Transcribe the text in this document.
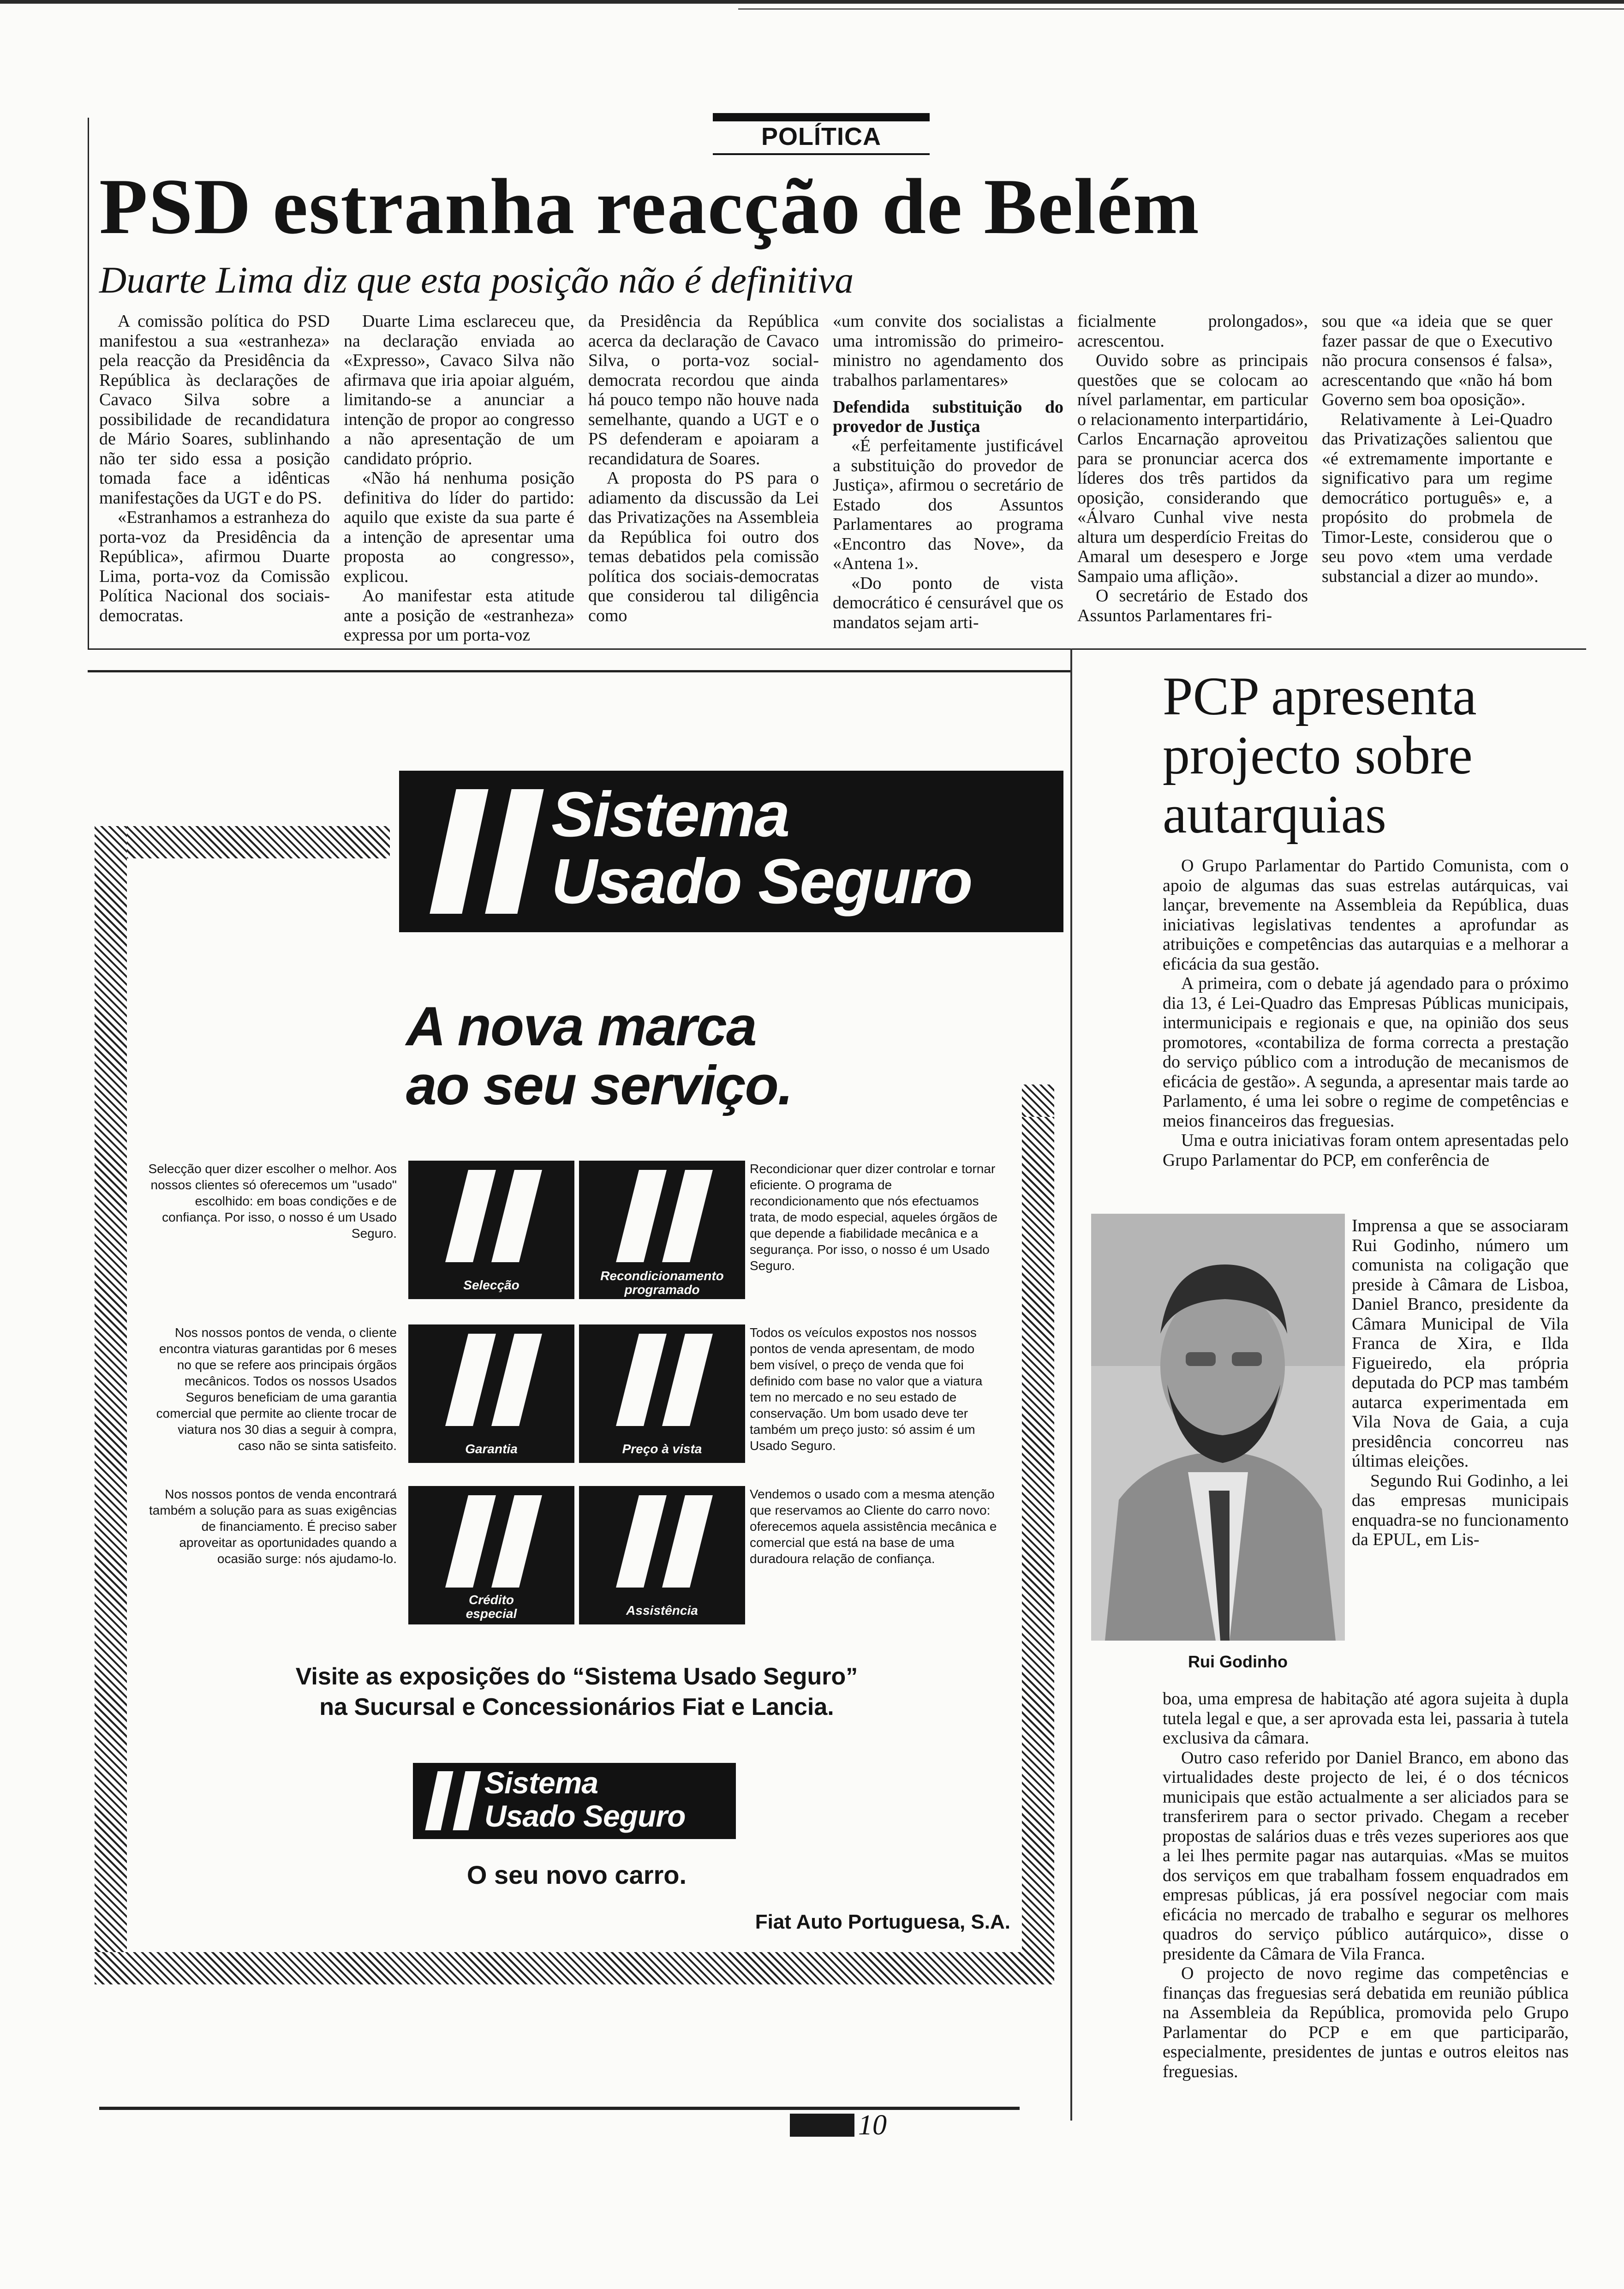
POLÍTICA
PSD estranha reacção de Belém
Duarte Lima diz que esta posição não é definitiva

A comissão política do PSD manifestou a sua «estranheza» pela reacção da Presidência da República às declarações de Cavaco Silva sobre a possibilidade de recandidatura de Mário Soares, sublinhando não ter sido essa a posição tomada face a idênticas manifestações da UGT e do PS.

«Estranhamos a estranheza do porta-voz da Presidência da República», afirmou Duarte Lima, porta-voz da Comissão Política Nacional dos sociais-democratas.

Duarte Lima esclareceu que, na declaração enviada ao «Expresso», Cavaco Silva não afirmava que iria apoiar alguém, limitando-se a anunciar a intenção de propor ao congresso a não apresentação de um candidato próprio.

«Não há nenhuma posição definitiva do líder do partido: aquilo que existe da sua parte é a intenção de apresentar uma proposta ao congresso», explicou.

Ao manifestar esta atitude ante a posição de «estranheza» expressa por um porta-voz

da Presidência da República acerca da declaração de Cavaco Silva, o porta-voz social-democrata recordou que ainda há pouco tempo não houve nada semelhante, quando a UGT e o PS defenderam e apoiaram a recandidatura de Soares.

A proposta do PS para o adiamento da discussão da Lei das Privatizações na Assembleia da República foi outro dos temas debatidos pela comissão política dos sociais-democratas que considerou tal diligência como

«um convite dos socialistas a uma intromissão do primeiro-ministro no agendamento dos trabalhos parlamentares»

Defendida substituição do provedor de Justiça

«É perfeitamente justificável a substituição do provedor de Justiça», afirmou o secretário de Estado dos Assuntos Parlamentares ao programa «Encontro das Nove», da «Antena 1».

«Do ponto de vista democrático é censurável que os mandatos sejam arti-

ficialmente prolongados», acrescentou.

Ouvido sobre as principais questões que se colocam ao nível parlamentar, em particular o relacionamento interpartidário, Carlos Encarnação aproveitou para se pronunciar acerca dos líderes dos três partidos da oposição, considerando que «Álvaro Cunhal vive nesta altura um desperdício Freitas do Amaral um desespero e Jorge Sampaio uma aflição».

O secretário de Estado dos Assuntos Parlamentares fri-

sou que «a ideia que se quer fazer passar de que o Executivo não procura consensos é falsa», acrescentando que «não há bom Governo sem boa oposição».

Relativamente à Lei-Quadro das Privatizações salientou que «é extremamente importante e significativo para um regime democrático português» e, a propósito do probmela de Timor-Leste, considerou que o seu povo «tem uma verdade substancial a dizer ao mundo».

PCP apresenta
projecto sobre
autarquias

O Grupo Parlamentar do Partido Comunista, com o apoio de algumas das suas estrelas autárquicas, vai lançar, brevemente na Assembleia da República, duas iniciativas legislativas tendentes a aprofundar as atribuições e competências das autarquias e a melhorar a eficácia da sua gestão.

A primeira, com o debate já agendado para o próximo dia 13, é Lei-Quadro das Empresas Públicas municipais, intermunicipais e regionais e que, na opinião dos seus promotores, «contabiliza de forma correcta a prestação do serviço público com a introdução de mecanismos de eficácia de gestão». A segunda, a apresentar mais tarde ao Parlamento, é uma lei sobre o regime de competências e meios financeiros das freguesias.

Uma e outra iniciativas foram ontem apresentadas pelo Grupo Parlamentar do PCP, em conferência de

Rui Godinho

Imprensa a que se associaram Rui Godinho, número um comunista na coligação que preside à Câmara de Lisboa, Daniel Branco, presidente da Câmara Municipal de Vila Franca de Xira, e Ilda Figueiredo, ela própria deputada do PCP mas também autarca experimentada em Vila Nova de Gaia, a cuja presidência concorreu nas últimas eleições.

Segundo Rui Godinho, a lei das empresas municipais enquadra-se no funcionamento da EPUL, em Lis-

boa, uma empresa de habitação até agora sujeita à dupla tutela legal e que, a ser aprovada esta lei, passaria à tutela exclusiva da câmara.

Outro caso referido por Daniel Branco, em abono das virtualidades deste projecto de lei, é o dos técnicos municipais que estão actualmente a ser aliciados para se transferirem para o sector privado. Chegam a receber propostas de salários duas e três vezes superiores aos que a lei lhes permite pagar nas autarquias. «Mas se muitos dos serviços em que trabalham fossem enquadrados em empresas públicas, já era possível negociar com mais eficácia no mercado de trabalho e segurar os melhores quadros do serviço público autárquico», disse o presidente da Câmara de Vila Franca.

O projecto de novo regime das competências e finanças das freguesias será debatida em reunião pública na Assembleia da República, promovida pelo Grupo Parlamentar do PCP e em que participarão, especialmente, presidentes de juntas e outros eleitos nas freguesias.

Sistema
Usado Seguro
A nova marca
ao seu serviço.
Selecção
Recondicionamento
programado
Garantia	Preço à vista
Crédito
especial	Assistência
Selecção quer dizer escolher o melhor. Aos nossos clientes só oferecemos um "usado" escolhido: em boas condições e de confiança. Por isso, o nosso é um Usado Seguro.
Recondicionar quer dizer controlar e tornar eficiente. O programa de recondicionamento que nós efectuamos trata, de modo especial, aqueles órgãos de que depende a fiabilidade mecânica e a segurança. Por isso, o nosso é um Usado Seguro.
Nos nossos pontos de venda, o cliente encontra viaturas garantidas por 6 meses no que se refere aos principais órgãos mecânicos. Todos os nossos Usados Seguros beneficiam de uma garantia comercial que permite ao cliente trocar de viatura nos 30 dias a seguir à compra, caso não se sinta satisfeito.
Todos os veículos expostos nos nossos pontos de venda apresentam, de modo bem visível, o preço de venda que foi definido com base no valor que a viatura tem no mercado e no seu estado de conservação. Um bom usado deve ter também um preço justo: só assim é um Usado Seguro.
Nos nossos pontos de venda encontrará também a solução para as suas exigências de financiamento. É preciso saber aproveitar as oportunidades quando a ocasião surge: nós ajudamo-lo.
Vendemos o usado com a mesma atenção que reservamos ao Cliente do carro novo: oferecemos aquela assistência mecânica e comercial que está na base de uma duradoura relação de confiança.
Visite as exposições do “Sistema Usado Seguro”
na Sucursal e Concessionários Fiat e Lancia.
Sistema
Usado Seguro
O seu novo carro.
Fiat Auto Portuguesa, S.A.
10
